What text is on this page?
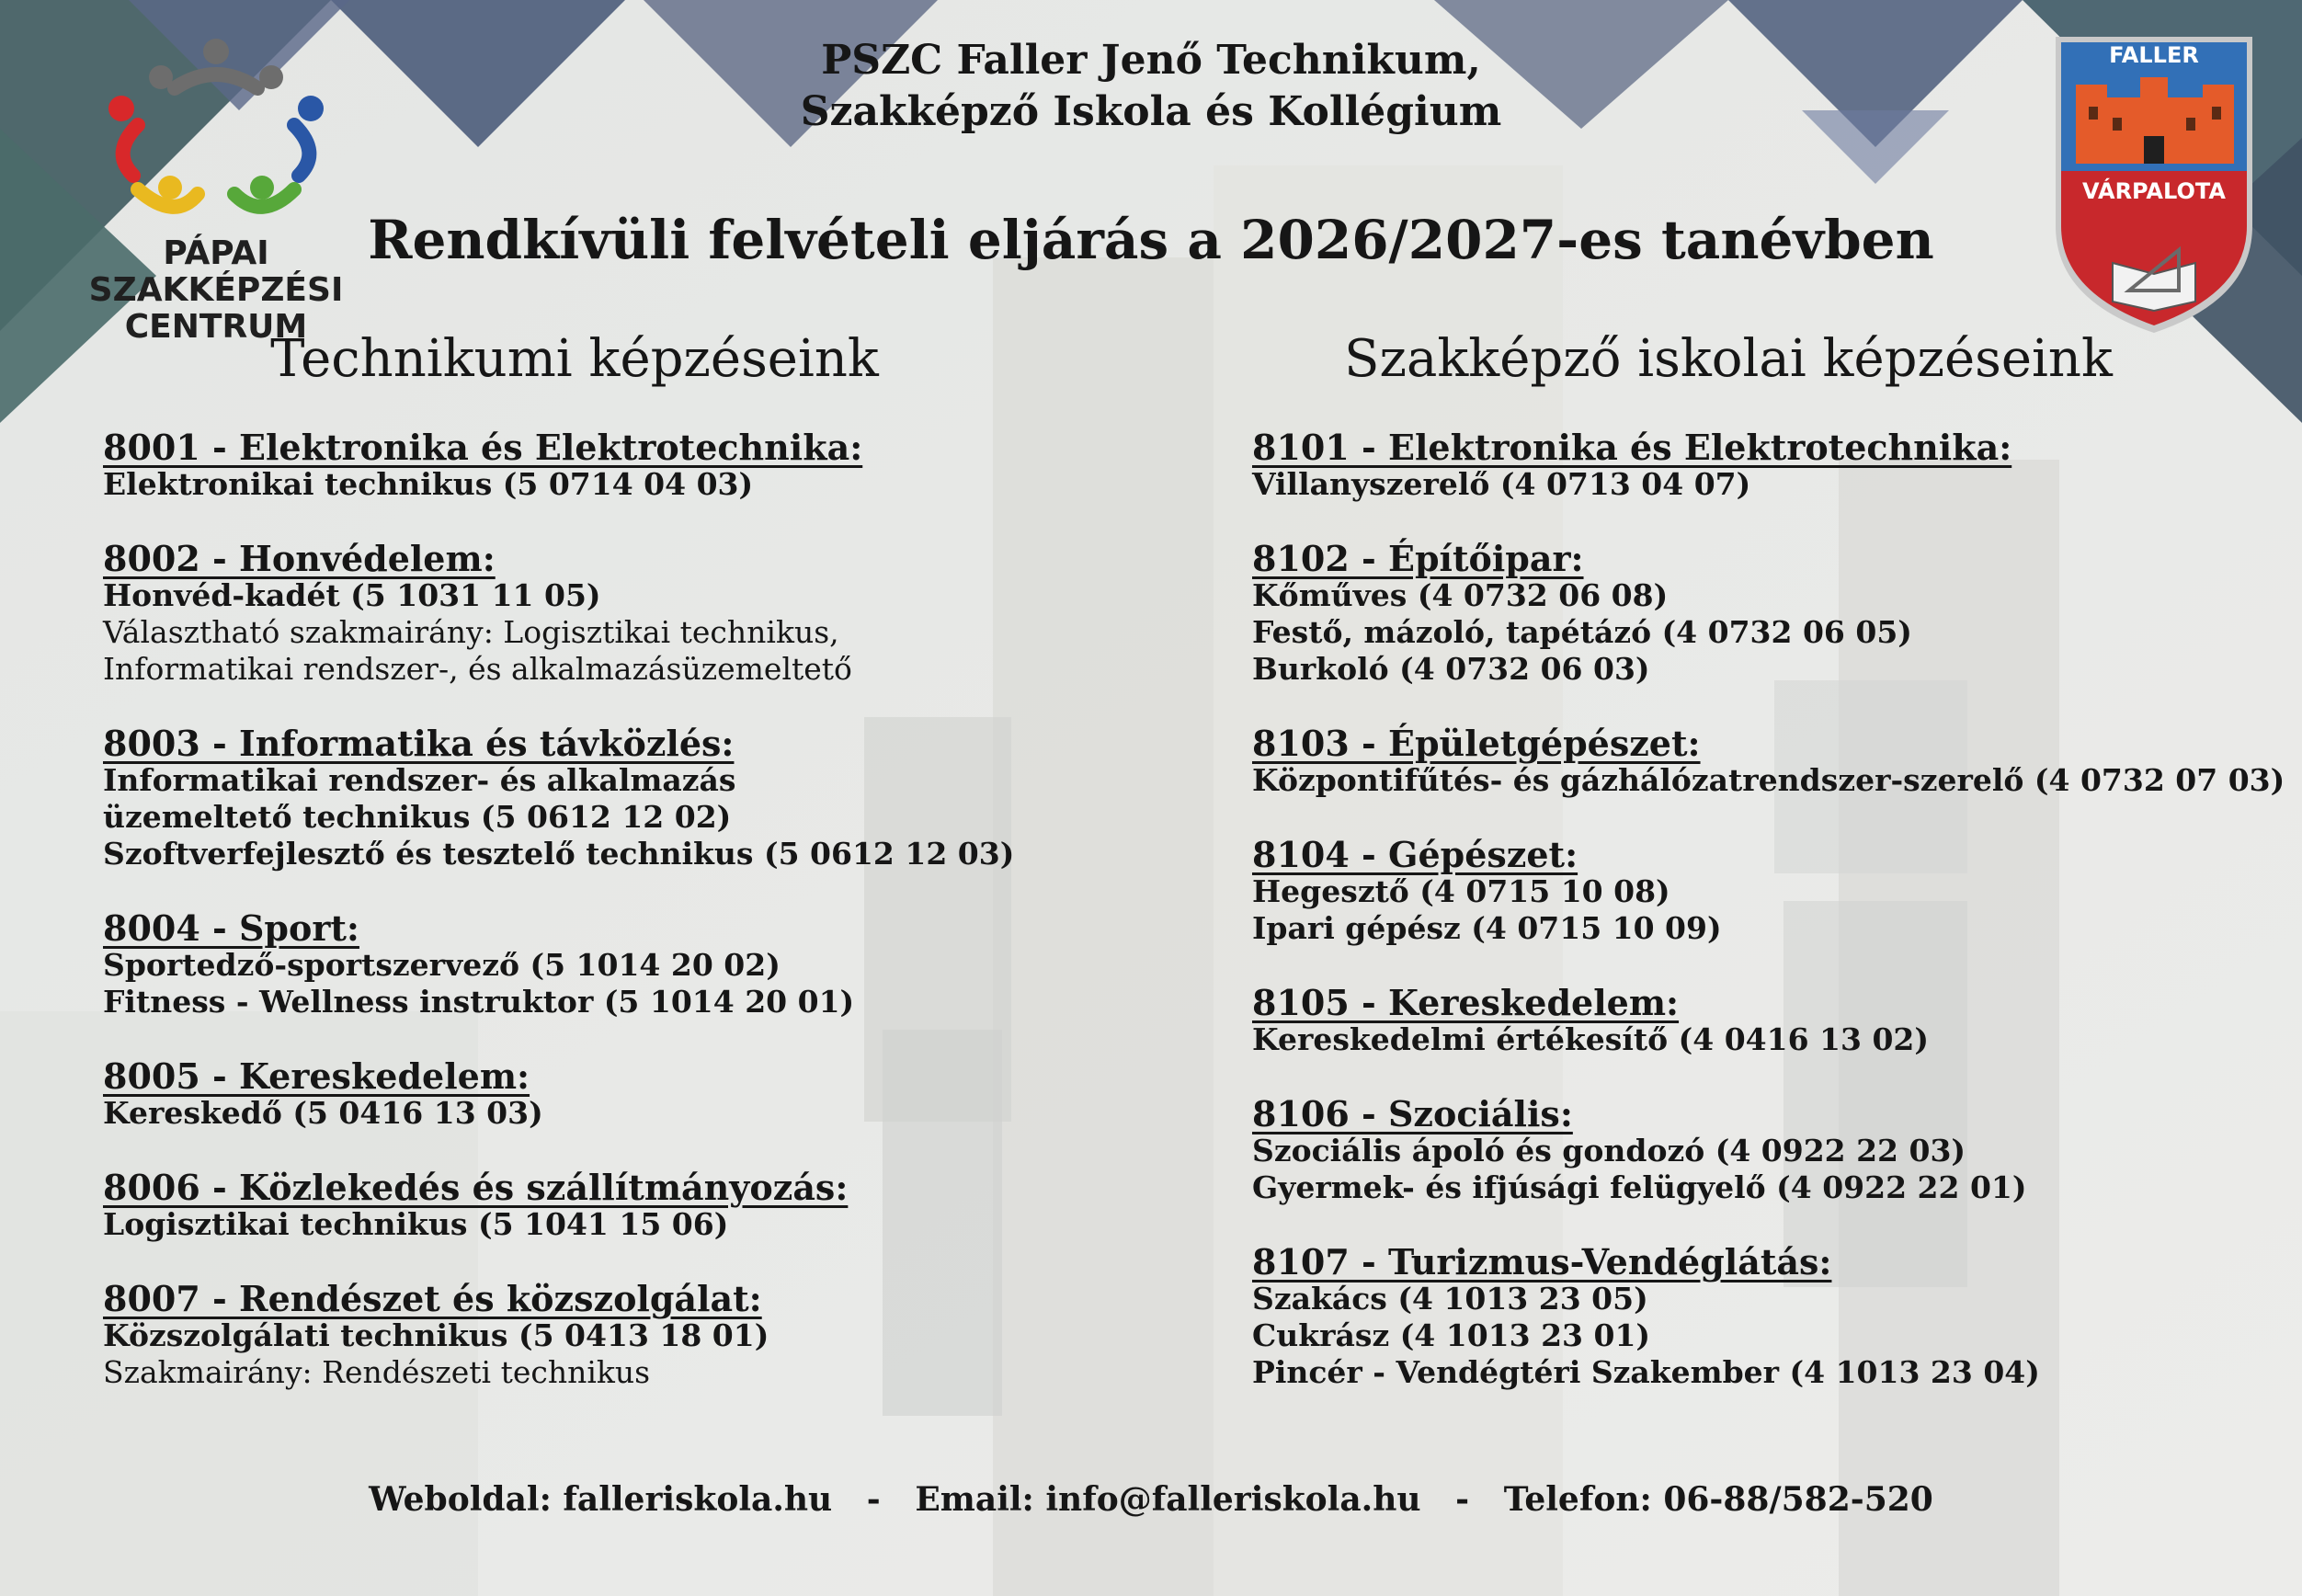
PÁPAI SZAKKÉPZÉSI
CENTRUM
FALLER
VÁRPALOTA
PSZC Faller Jenő Technikum,
Szakképző Iskola és Kollégium
Rendkívüli felvételi eljárás a 2026/2027-es tanévben
Technikumi képzéseink	Szakképző iskolai képzéseink
8001 - Elektronika és Elektrotechnika:
Elektronikai technikus (5 0714 04 03)
8002 - Honvédelem:
Honvéd-kadét (5 1031 11 05)
Választható szakmairány: Logisztikai technikus,
Informatikai rendszer-, és alkalmazásüzemeltető
8003 - Informatika és távközlés:
Informatikai rendszer- és alkalmazás
üzemeltető technikus (5 0612 12 02)
Szoftverfejlesztő és tesztelő technikus (5 0612 12 03)
8004 - Sport:
Sportedző-sportszervező (5 1014 20 02)
Fitness - Wellness instruktor (5 1014 20 01)
8005 - Kereskedelem:
Kereskedő (5 0416 13 03)
8006 - Közlekedés és szállítmányozás:
Logisztikai technikus (5 1041 15 06)
8007 - Rendészet és közszolgálat:
Közszolgálati technikus (5 0413 18 01)
Szakmairány: Rendészeti technikus
8101 - Elektronika és Elektrotechnika:
Villanyszerelő (4 0713 04 07)
8102 - Építőipar:
Kőműves (4 0732 06 08)
Festő, mázoló, tapétázó (4 0732 06 05)
Burkoló (4 0732 06 03)
8103 - Épületgépészet:
Központifűtés- és gázhálózatrendszer-szerelő (4 0732 07 03)
8104 - Gépészet:
Hegesztő (4 0715 10 08)
Ipari gépész (4 0715 10 09)
8105 - Kereskedelem:
Kereskedelmi értékesítő (4 0416 13 02)
8106 - Szociális:
Szociális ápoló és gondozó (4 0922 22 03)
Gyermek- és ifjúsági felügyelő (4 0922 22 01)
8107 - Turizmus-Vendéglátás:
Szakács (4 1013 23 05)
Cukrász (4 1013 23 01)
Pincér - Vendégtéri Szakember (4 1013 23 04)
Weboldal: falleriskola.hu   -   Email: info@falleriskola.hu   -   Telefon: 06-88/582-520
